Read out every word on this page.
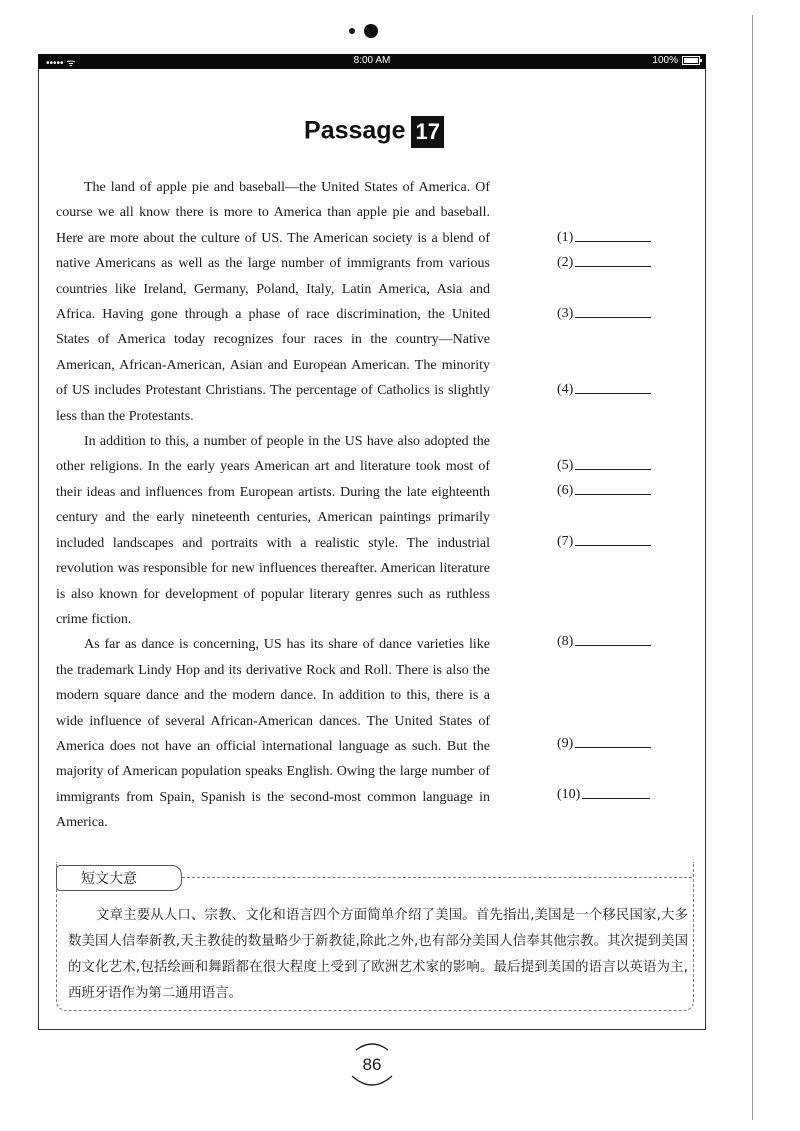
••••• ᯤ	8:00 AM	100%
Passage 17

The land of apple pie and baseball—the United States of America. Of course we all know there is more to America than apple pie and baseball. Here are more about the culture of US. The American society is a blend of native Americans as well as the large number of immigrants from various countries like Ireland, Germany, Poland, Italy, Latin America, Asia and Africa. Having gone through a phase of race discrimination, the United States of America today recognizes four races in the country—Native American, African-American, Asian and European American. The minority of US includes Protestant Christians. The percentage of Catholics is slightly less than the Protestants.

In addition to this, a number of people in the US have also adopted the other religions. In the early years American art and literature took most of their ideas and influences from European artists. During the late eighteenth century and the early nineteenth centuries, American paintings primarily included landscapes and portraits with a realistic style. The industrial revolution was responsible for new influences thereafter. American literature is also known for development of popular literary genres such as ruthless crime fiction.

As far as dance is concerning, US has its share of dance varieties like the trademark Lindy Hop and its derivative Rock and Roll. There is also the modern square dance and the modern dance. In addition to this, there is a wide influence of several African-American dances. The United States of America does not have an official international language as such. But the majority of American population speaks English. Owing the large number of immigrants from Spain, Spanish is the second-most common language in America.

(1)
(2)
(3)
(4)
(5)
(6)
(7)
(8)
(9)
(10)
短文大意

文章主要从人口、宗教、文化和语言四个方面简单介绍了美国。首先指出,美国是一个移民国家,大多数美国人信奉新教,天主教徒的数量略少于新教徒,除此之外,也有部分美国人信奉其他宗教。其次提到美国的文化艺术,包括绘画和舞蹈都在很大程度上受到了欧洲艺术家的影响。最后提到美国的语言以英语为主,西班牙语作为第二通用语言。

86
